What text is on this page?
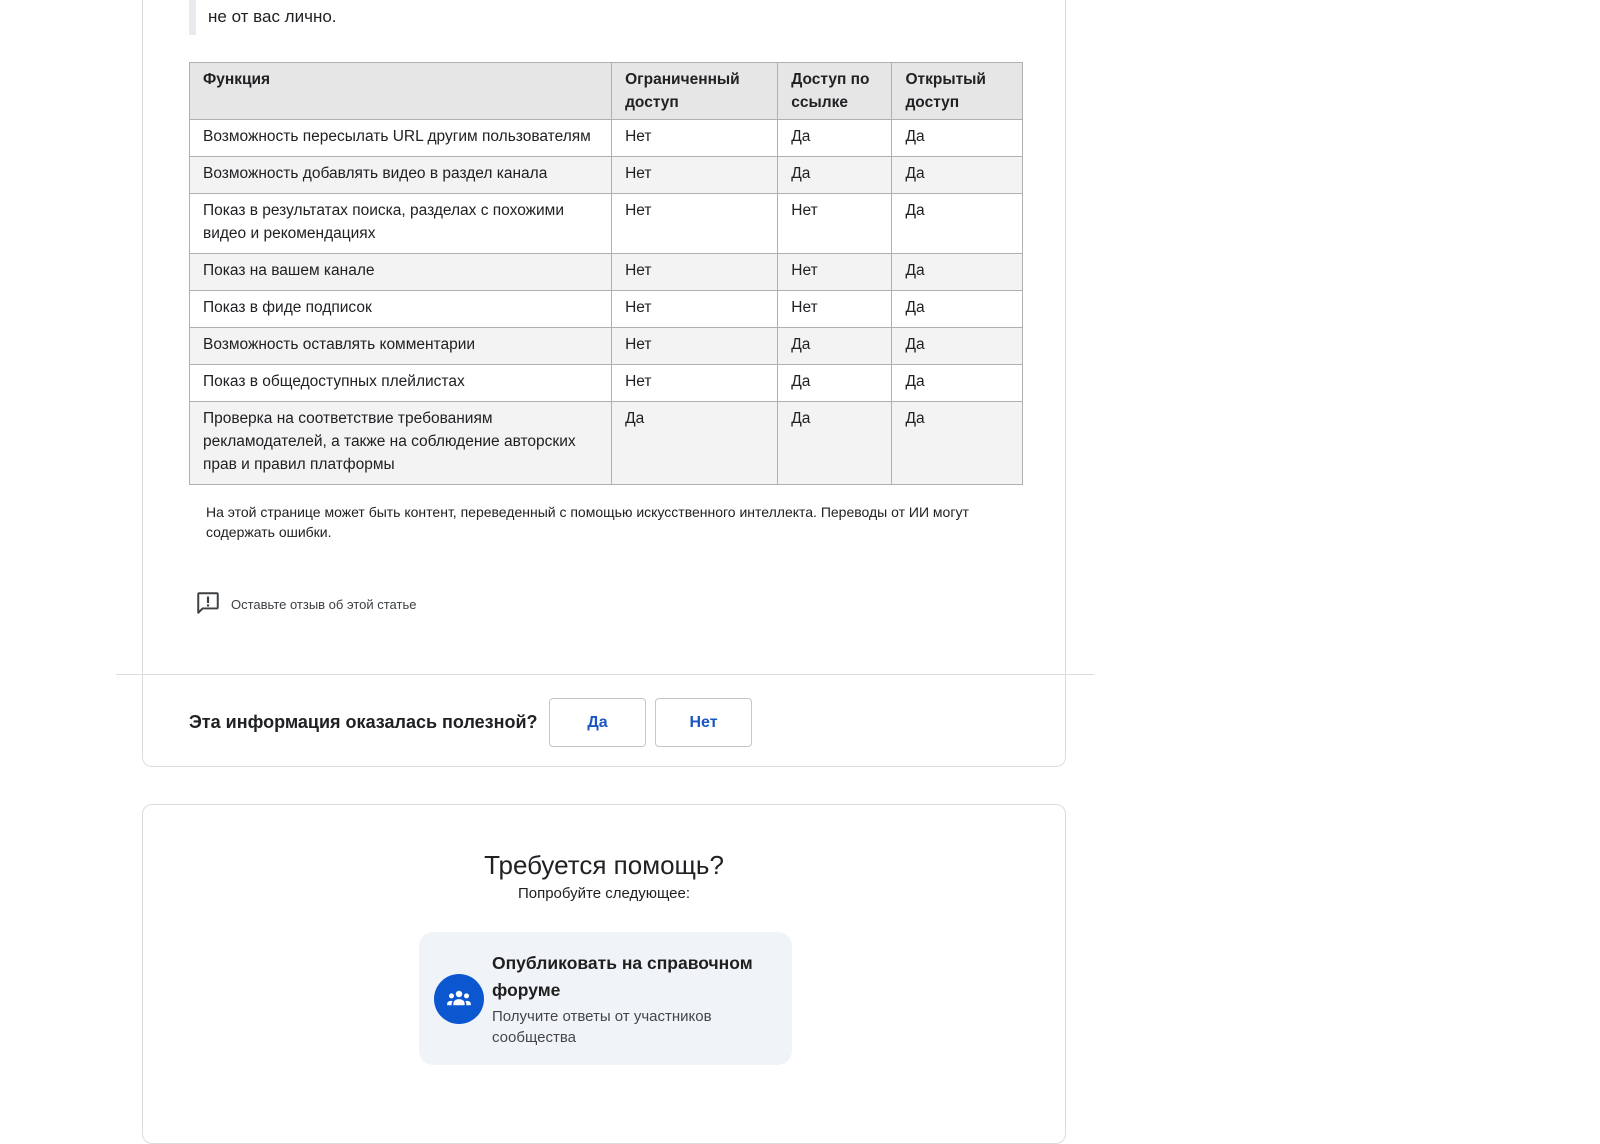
не от вас лично.
Функция	Ограниченный доступ	Доступ по ссылке	Открытый доступ
Возможность пересылать URL другим пользователям	Нет	Да	Да
Возможность добавлять видео в раздел канала	Нет	Да	Да
Показ в результатах поиска, разделах с похожими видео и рекомендациях	Нет	Нет	Да
Показ на вашем канале	Нет	Нет	Да
Показ в фиде подписок	Нет	Нет	Да
Возможность оставлять комментарии	Нет	Да	Да
Показ в общедоступных плейлистах	Нет	Да	Да
Проверка на соответствие требованиям рекламодателей, а также на соблюдение авторских прав и правил платформы	Да	Да	Да
На этой странице может быть контент, переведенный с помощью искусственного интеллекта. Переводы от ИИ могут содержать ошибки.
Оставьте отзыв об этой статье
Эта информация оказалась полезной?	Да	Нет
Требуется помощь?
Попробуйте следующее:
Опубликовать на справочном форуме
Получите ответы от участников сообщества
